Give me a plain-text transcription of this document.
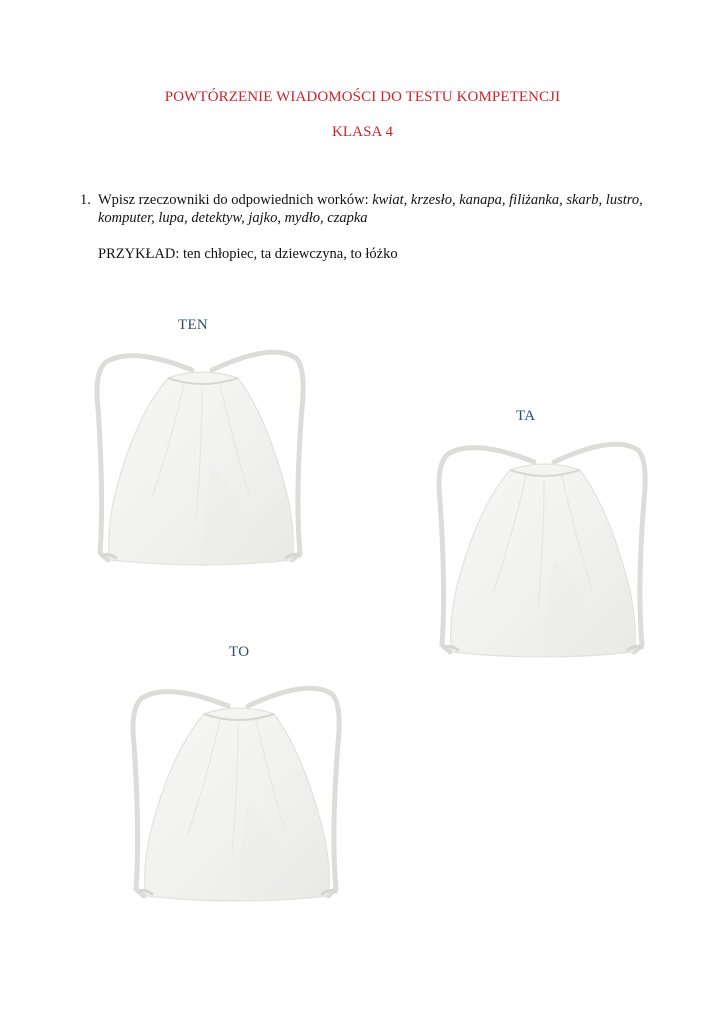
POWTÓRZENIE WIADOMOŚCI DO TESTU KOMPETENCJI
KLASA 4
1. Wpisz rzeczowniki do odpowiednich worków: kwiat, krzesło, kanapa, filiżanka, skarb, lustro, komputer, lupa, detektyw, jajko, mydło, czapka
PRZYKŁAD: ten chłopiec, ta dziewczyna, to łóżko
TEN
TA
TO
